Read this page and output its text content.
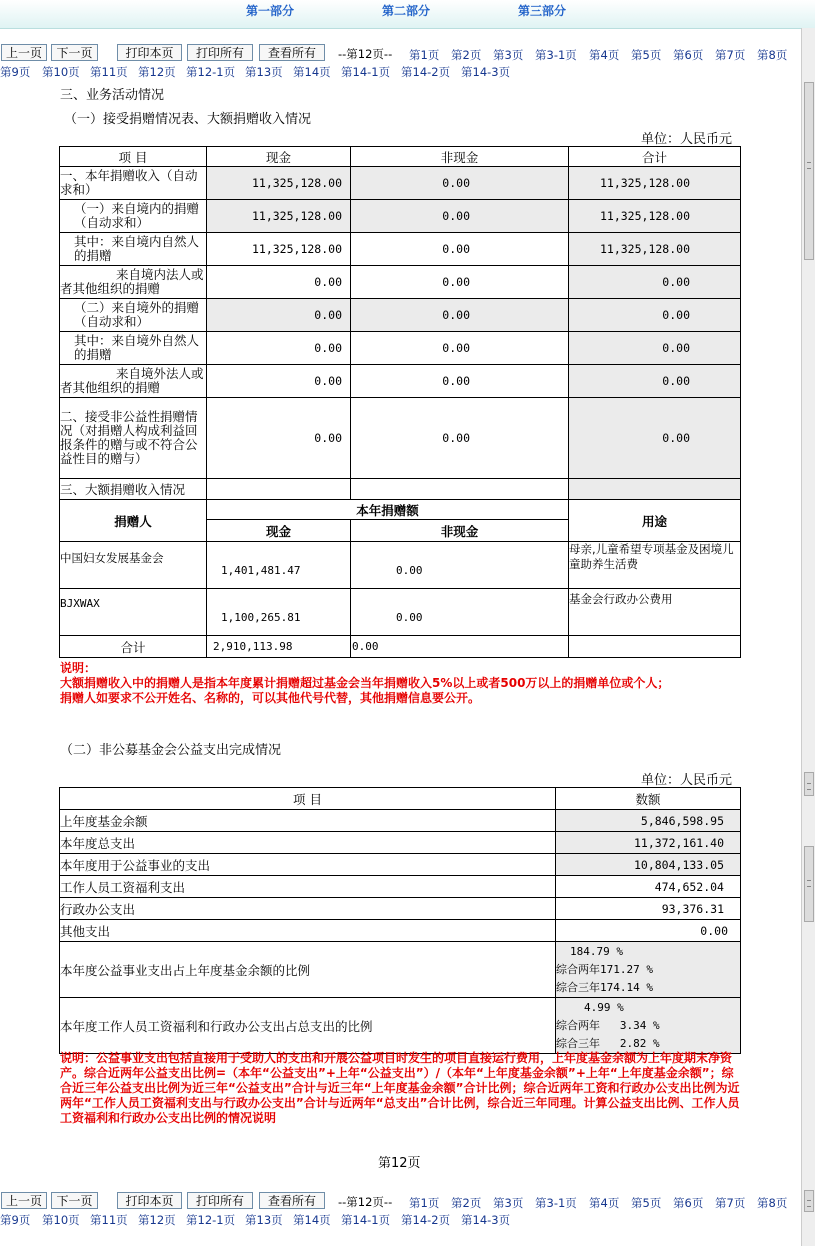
第一部分	第二部分	第三部分
上一页	下一页	打印本页	打印所有	查看所有	--第12页-- 第1页 第2页 第3页 第3-1页 第4页 第5页 第6页 第7页 第8页
第9页 第10页 第11页 第12页 第12-1页 第13页 第14页 第14-1页 第14-2页 第14-3页
三、业务活动情况
（一）接受捐赠情况表、大额捐赠收入情况
单位：人民币元
项 目	现金	非现金	合计
一、本年捐赠收入（自动求和）	11,325,128.00	0.00	11,325,128.00
（一）来自境内的捐赠（自动求和）	11,325,128.00	0.00	11,325,128.00
其中：来自境内自然人的捐赠	11,325,128.00	0.00	11,325,128.00
来自境内法人或者其他组织的捐赠	0.00	0.00	0.00
（二）来自境外的捐赠（自动求和）	0.00	0.00	0.00
其中：来自境外自然人的捐赠	0.00	0.00	0.00
来自境外法人或者其他组织的捐赠	0.00	0.00	0.00
二、接受非公益性捐赠情况（对捐赠人构成利益回报条件的赠与或不符合公益性目的赠与）	0.00	0.00	0.00
三、大额捐赠收入情况			
捐赠人	本年捐赠额		用途
	现金	非现金	
中国妇女发展基金会	1,401,481.47	0.00	母亲,儿童希望专项基金及困境儿童助养生活费
BJXWAX	1,100,265.81	0.00	基金会行政办公费用
合计	2,910,113.98	0.00	
说明：
大额捐赠收入中的捐赠人是指本年度累计捐赠超过基金会当年捐赠收入5%以上或者500万以上的捐赠单位或个人；
捐赠人如要求不公开姓名、名称的，可以其他代号代替，其他捐赠信息要公开。
（二）非公募基金会公益支出完成情况
单位：人民币元
项 目	数额
上年度基金余额	5,846,598.95
本年度总支出	11,372,161.40
本年度用于公益事业的支出	10,804,133.05
工作人员工资福利支出	474,652.04
行政办公支出	93,376.31
其他支出	0.00
本年度公益事业支出占上年度基金余额的比例	184.79 %
综合两年171.27 %
综合三年174.14 %

本年度工作人员工资福利和行政办公支出占总支出的比例	4.99 %
综合两年   3.34 %
综合三年   2.82 %
说明：公益事业支出包括直接用于受助人的支出和开展公益项目时发生的项目直接运行费用，上年度基金余额为上年度期末净资产。综合近两年公益支出比例=（本年“公益支出”+上年“公益支出”）/（本年“上年度基金余额”+上年“上年度基金余额”；综合近三年公益支出比例为近三年“公益支出”合计与近三年“上年度基金余额”合计比例；综合近两年工资和行政办公支出比例为近两年“工作人员工资福利支出与行政办公支出”合计与近两年“总支出”合计比例，综合近三年同理。计算公益支出比例、工作人员工资福利和行政办公支出比例的情况说明
第12页
上一页	下一页	打印本页	打印所有	查看所有	--第12页-- 第1页 第2页 第3页 第3-1页 第4页 第5页 第6页 第7页 第8页
第9页 第10页 第11页 第12页 第12-1页 第13页 第14页 第14-1页 第14-2页 第14-3页
